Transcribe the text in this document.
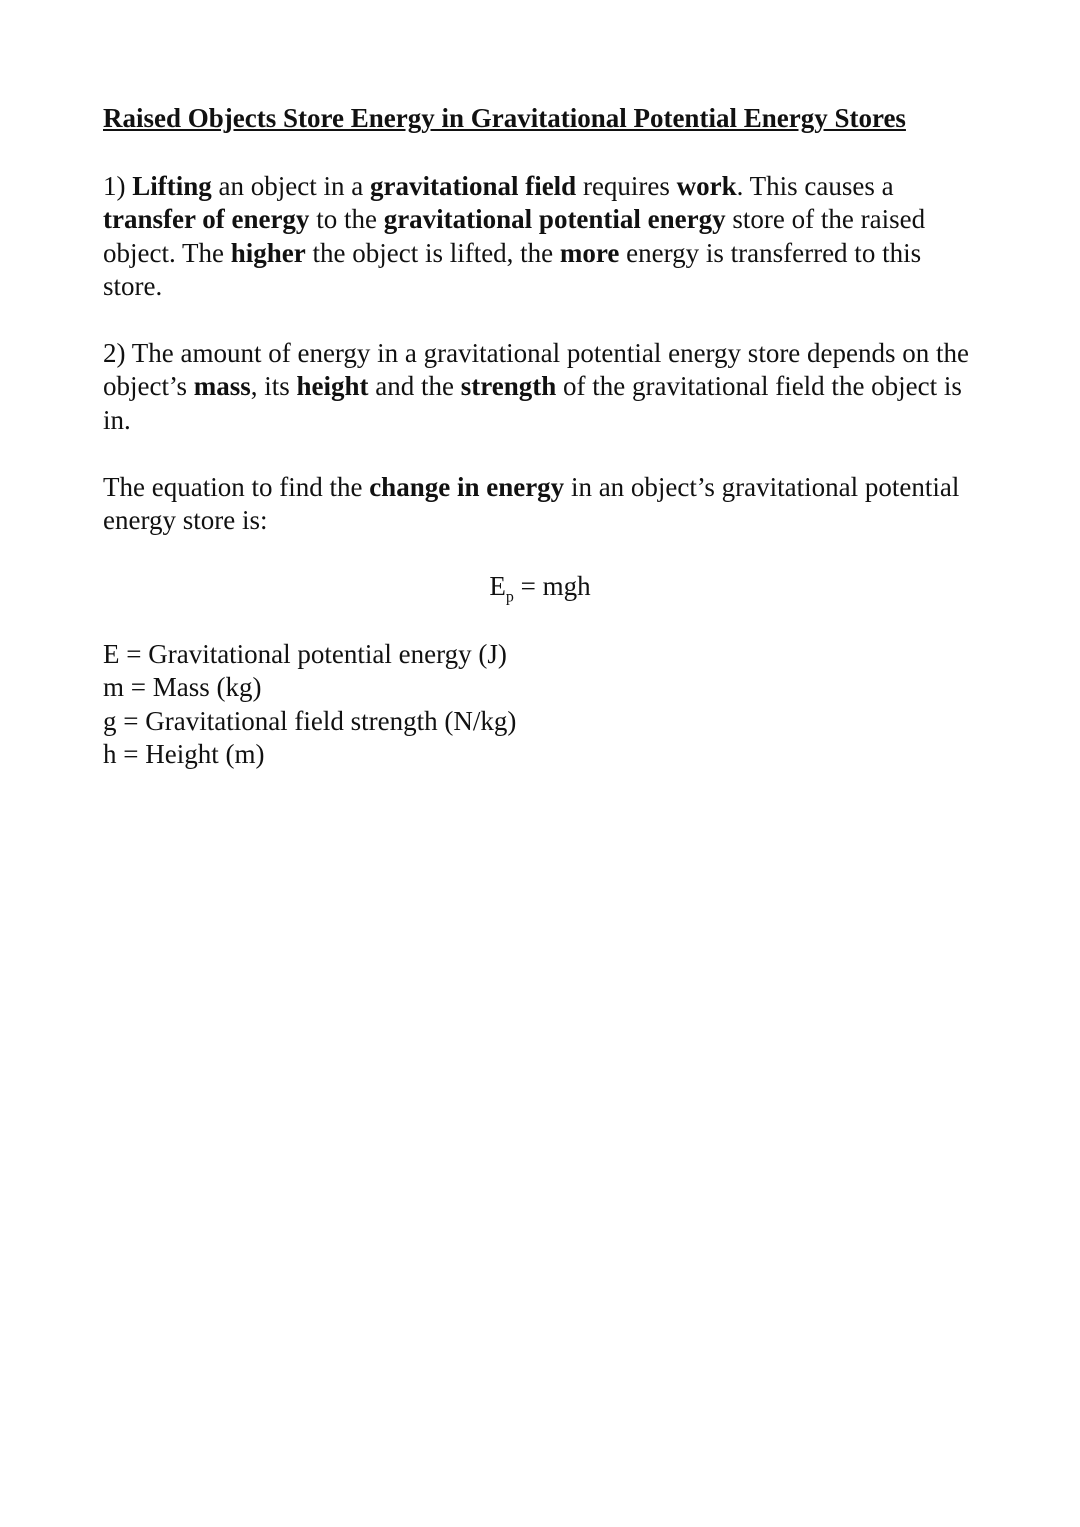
Raised Objects Store Energy in Gravitational Potential Energy Stores
1) Lifting an object in a gravitational field requires work. This causes a transfer of energy to the gravitational potential energy store of the raised object. The higher the object is lifted, the more energy is transferred to this store.
2) The amount of energy in a gravitational potential energy store depends on the object’s mass, its height and the strength of the gravitational field the object is in.
The equation to find the change in energy in an object’s gravitational potential energy store is:
$E_p$ = mgh
E = Gravitational potential energy (J)
m = Mass (kg)
g = Gravitational field strength (N/kg)
h = Height (m)
